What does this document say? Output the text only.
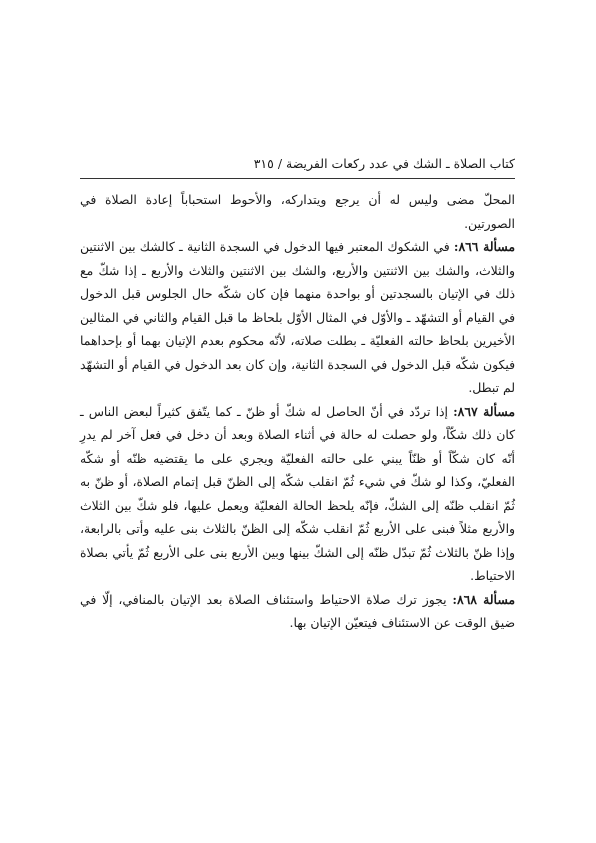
كتاب الصلاة ـ الشك في عدد ركعات الفريضة / ٣١٥

المحلّ مضى وليس له أن يرجع ويتداركه، والأحوط استحباباً إعادة الصلاة في الصورتين.

مسألة ٨٦٦: في الشكوك المعتبر فيها الدخول في السجدة الثانية ـ كالشك بين الاثنتين والثلاث، والشك بين الاثنتين والأربع، والشك بين الاثنتين والثلاث والأربع ـ إذا شكّ مع ذلك في الإتيان بالسجدتين أو بواحدة منهما فإن كان شكّه حال الجلوس قبل الدخول في القيام أو التشهّد ـ والأوّل في المثال الأوّل بلحاظ ما قبل القيام والثاني في المثالين الأخيرين بلحاظ حالته الفعليّة ـ بطلت صلاته، لأنّه محكوم بعدم الإتيان بهما أو بإحداهما فيكون شكّه قبل الدخول في السجدة الثانية، وإن كان بعد الدخول في القيام أو التشهّد لم تبطل.

مسألة ٨٦٧: إذا تردّد في أنّ الحاصل له شكّ أو ظنّ ـ كما يتّفق كثيراً لبعض الناس ـ كان ذلك شكّاً، ولو حصلت له حالة في أثناء الصلاة وبعد أن دخل في فعل آخر لم يدرِ أنّه كان شكّاً أو ظنّاً يبني على حالته الفعليّة ويجري على ما يقتضيه ظنّه أو شكّه الفعليّ، وكذا لو شكّ في شيء ثُمّ انقلب شكّه إلى الظنّ قبل إتمام الصلاة، أو ظنّ به ثُمّ انقلب ظنّه إلى الشكّ، فإنّه يلحظ الحالة الفعليّة ويعمل عليها، فلو شكّ بين الثلاث والأربع مثلاً فبنى على الأربع ثُمّ انقلب شكّه إلى الظنّ بالثلاث بنى عليه وأتى بالرابعة، وإذا ظنّ بالثلاث ثُمّ تبدّل ظنّه إلى الشكّ بينها وبين الأربع بنى على الأربع ثُمّ يأتي بصلاة الاحتياط.

مسألة ٨٦٨: يجوز ترك صلاة الاحتياط واستئناف الصلاة بعد الإتيان بالمنافي، إلّا في ضيق الوقت عن الاستئناف فيتعيّن الإتيان بها.
